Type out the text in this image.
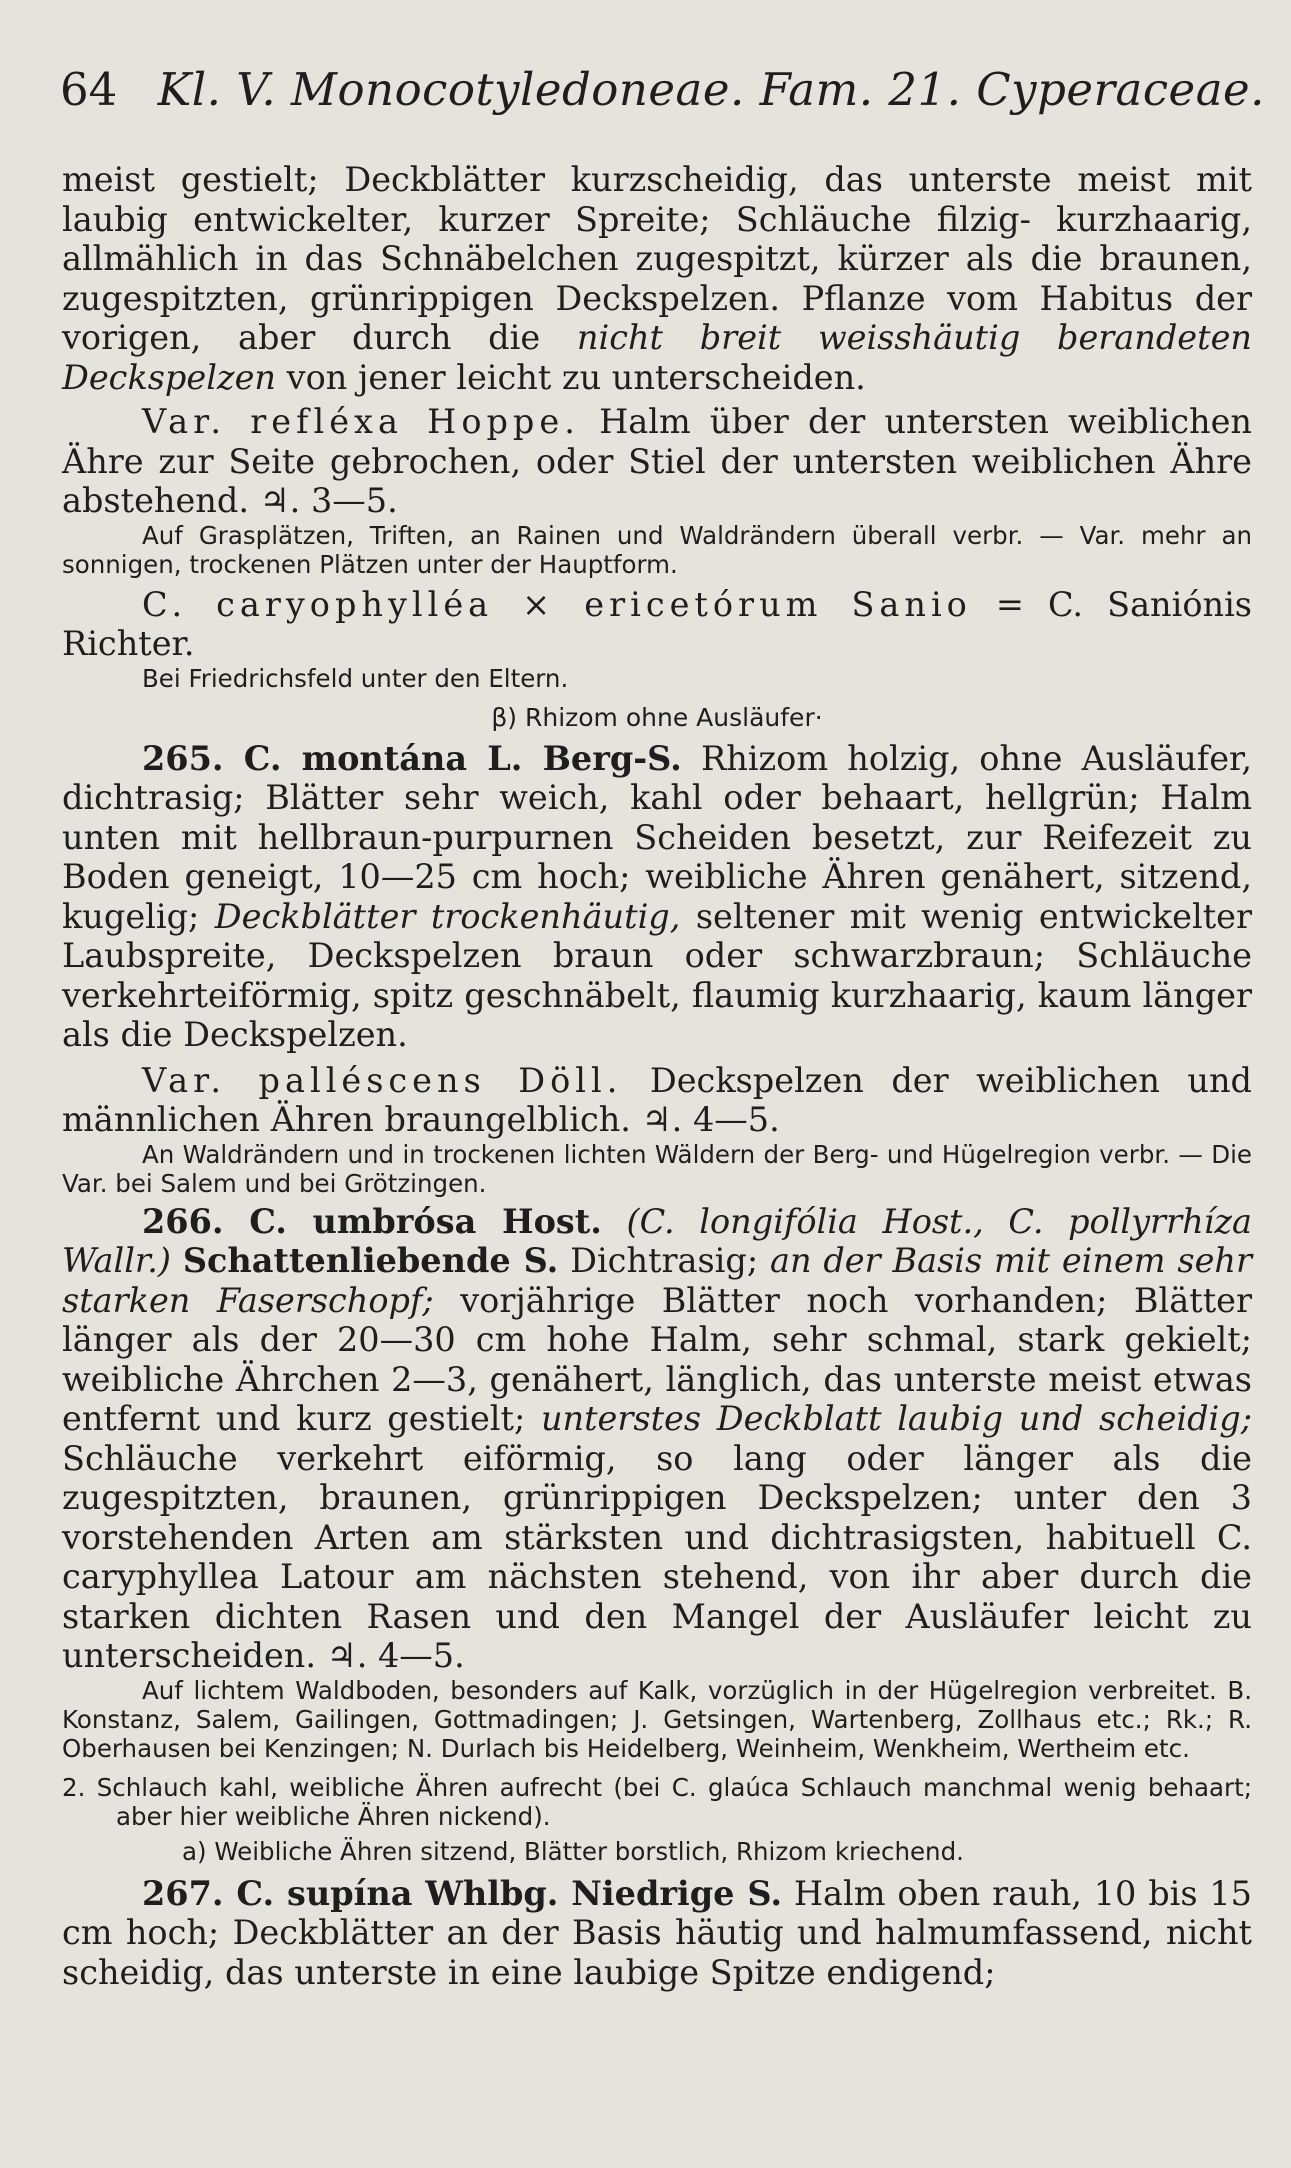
64 Kl. V. Monocotyledoneae. Fam. 21. Cyperaceae.

meist gestielt; Deckblätter kurzscheidig, das unterste meist mit laubig entwickelter, kurzer Spreite; Schläuche filzig- kurzhaarig, allmählich in das Schnäbelchen zugespitzt, kürzer als die braunen, zugespitzten, grünrippigen Deckspelzen. Pflanze vom Habitus der vorigen, aber durch die nicht breit weisshäutig berandeten Deckspelzen von jener leicht zu unterscheiden.

Var. refléxa Hoppe. Halm über der untersten weiblichen Ähre zur Seite gebrochen, oder Stiel der untersten weiblichen Ähre abstehend. ♃. 3—5.

Auf Grasplätzen, Triften, an Rainen und Waldrändern überall verbr. — Var. mehr an sonnigen, trockenen Plätzen unter der Hauptform.

C. caryophylléa × ericetórum Sanio = C. Saniónis Richter.

Bei Friedrichsfeld unter den Eltern.

β) Rhizom ohne Ausläufer·

265. C. montána L. Berg-S. Rhizom holzig, ohne Ausläufer, dichtrasig; Blätter sehr weich, kahl oder behaart, hellgrün; Halm unten mit hellbraun-purpurnen Scheiden besetzt, zur Reifezeit zu Boden geneigt, 10—25 cm hoch; weibliche Ähren genähert, sitzend, kugelig; Deckblätter trockenhäutig, seltener mit wenig entwickelter Laubspreite, Deckspelzen braun oder schwarzbraun; Schläuche verkehrteiförmig, spitz geschnäbelt, flaumig kurzhaarig, kaum länger als die Deckspelzen.

Var. palléscens Döll. Deckspelzen der weiblichen und männlichen Ähren braungelblich. ♃. 4—5.

An Waldrändern und in trockenen lichten Wäldern der Berg- und Hügelregion verbr. — Die Var. bei Salem und bei Grötzingen.

266. C. umbrósa Host. (C. longifólia Host., C. pollyrrhíza Wallr.) Schattenliebende S. Dichtrasig; an der Basis mit einem sehr starken Faserschopf; vorjährige Blätter noch vorhanden; Blätter länger als der 20—30 cm hohe Halm, sehr schmal, stark gekielt; weibliche Ährchen 2—3, genähert, länglich, das unterste meist etwas entfernt und kurz gestielt; unterstes Deckblatt laubig und scheidig; Schläuche verkehrt eiförmig, so lang oder länger als die zugespitzten, braunen, grünrippigen Deckspelzen; unter den 3 vorstehenden Arten am stärksten und dichtrasigsten, habituell C. caryphyllea Latour am nächsten stehend, von ihr aber durch die starken dichten Rasen und den Mangel der Ausläufer leicht zu unterscheiden. ♃. 4—5.

Auf lichtem Waldboden, besonders auf Kalk, vorzüglich in der Hügelregion verbreitet. B. Konstanz, Salem, Gailingen, Gottmadingen; J. Getsingen, Wartenberg, Zollhaus etc.; Rk.; R. Oberhausen bei Kenzingen; N. Durlach bis Heidelberg, Weinheim, Wenkheim, Wertheim etc.

2. Schlauch kahl, weibliche Ähren aufrecht (bei C. glaúca Schlauch manchmal wenig behaart; aber hier weibliche Ähren nickend).

a) Weibliche Ähren sitzend, Blätter borstlich, Rhizom kriechend.

267. C. supína Whlbg. Niedrige S. Halm oben rauh, 10 bis 15 cm hoch; Deckblätter an der Basis häutig und halmumfassend, nicht scheidig, das unterste in eine laubige Spitze endigend;
